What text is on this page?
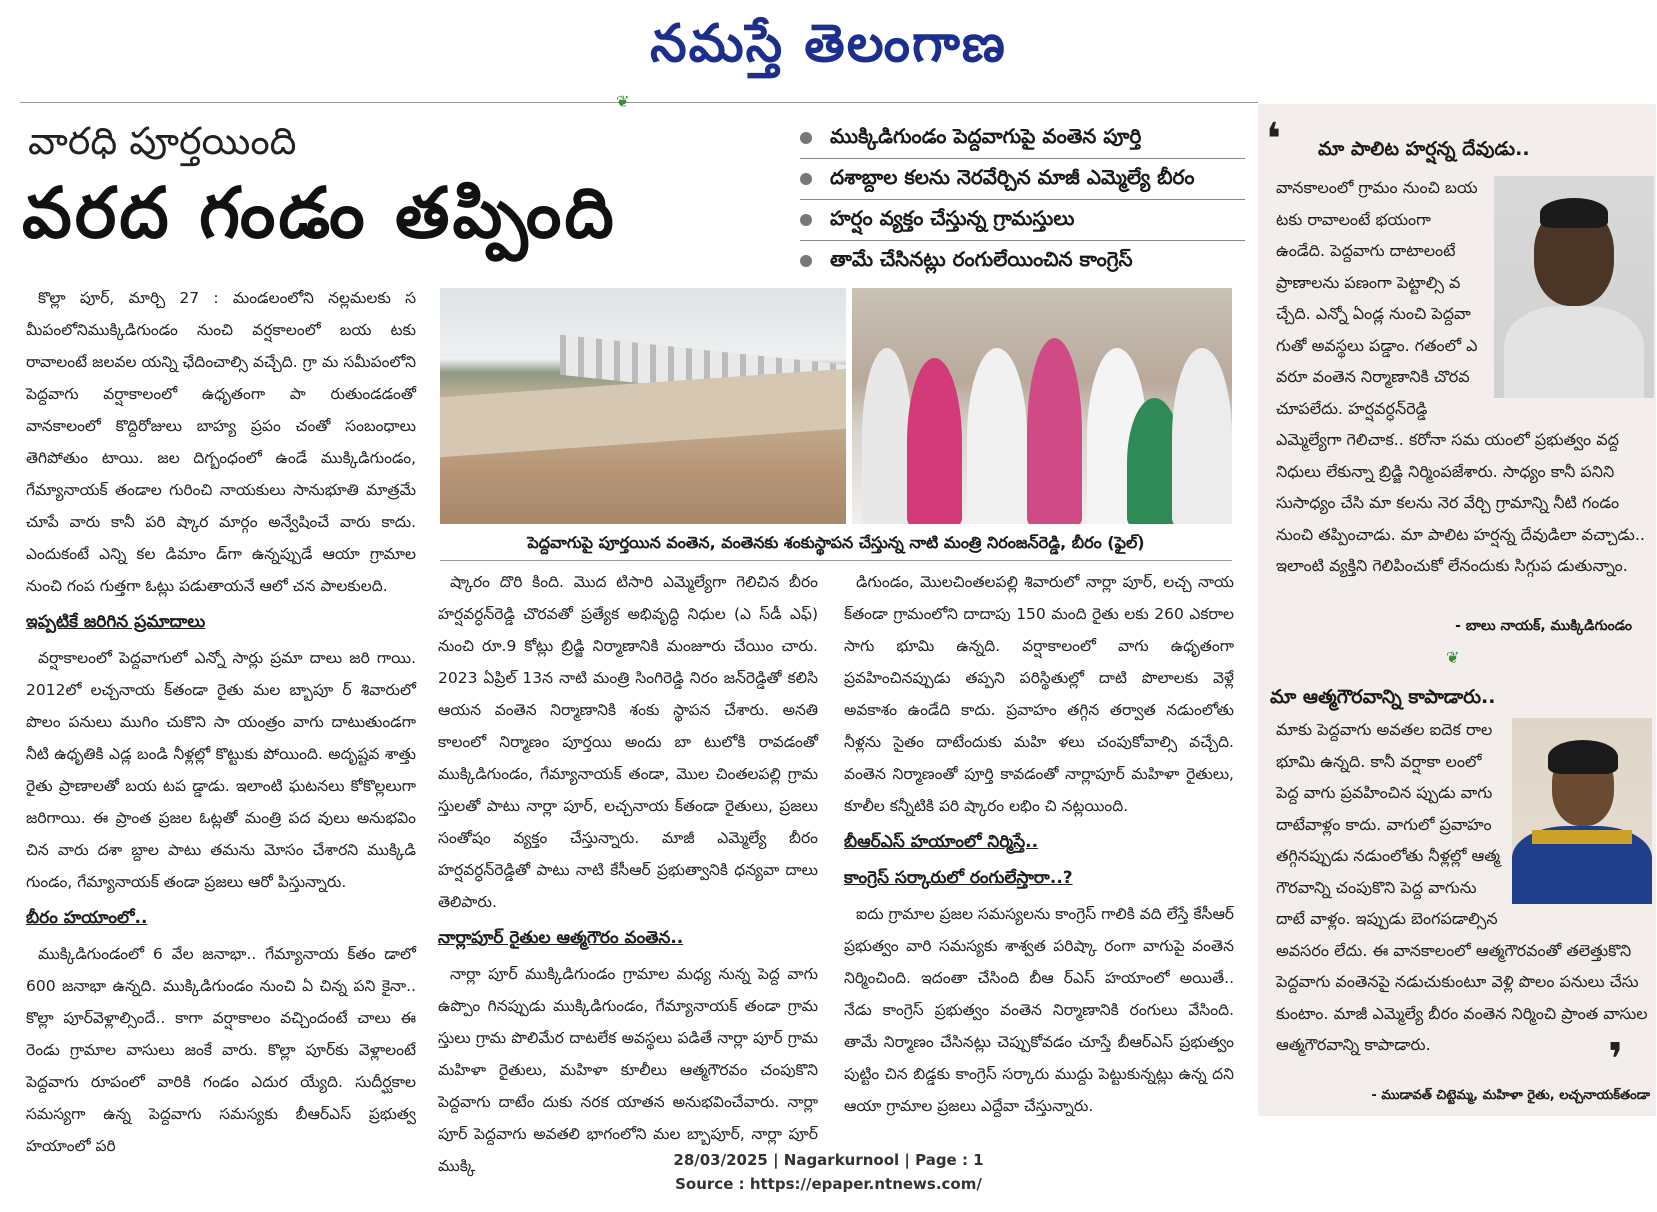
నమస్తే తెలంగాణ
❦
వారధి పూర్తయింది
వరద గండం తప్పింది
ముక్కిడిగుండం పెద్దవాగుపై వంతెన పూర్తి
దశాబ్దాల కలను నెరవేర్చిన మాజీ ఎమ్మెల్యే బీరం
హర్షం వ్యక్తం చేస్తున్న గ్రామస్తులు
తామే చేసినట్లు రంగులేయించిన కాంగ్రెస్
పెద్దవాగుపై పూర్తయిన వంతెన, వంతెనకు శంకుస్థాపన చేస్తున్న నాటి మంత్రి నిరంజన్‌రెడ్డి, బీరం (ఫైల్)

కొల్లా పూర్, మార్చి 27 : మండలంలోని నల్లమలకు స మీపంలోనిముక్కిడిగుండం నుంచి వర్షకాలంలో బయ టకు రావాలంటే జలవల యన్ని ఛేదించాల్సి వచ్చేది. గ్రా మ సమీపంలోని పెద్దవాగు వర్షాకాలంలో ఉధృతంగా పా రుతుండడంతో వానకాలంలో కొద్దిరోజులు బాహ్య ప్రపం చంతో సంబంధాలు తెగిపోతుం టాయి. జల దిగ్బంధంలో ఉండే ముక్కిడిగుండం, గేమ్యానాయక్ తండాల గురించి నాయకులు సానుభూతి మాత్రమే చూపే వారు కానీ పరి ష్కార మార్గం అన్వేషించే వారు కాదు. ఎందుకంటే ఎన్ని కల డిమాం డ్‌గా ఉన్నప్పుడే ఆయా గ్రామాల నుంచి గంప గుత్తగా ఓట్లు పడుతాయనే ఆలో చన పాలకులది.

ఇప్పటికే జరిగిన ప్రమాదాలు

వర్షాకాలంలో పెద్దవాగులో ఎన్నో సార్లు ప్రమా దాలు జరి గాయి. 2012లో లచ్చనాయ క్‌తండా రైతు మల బ్బాపూ ర్ శివారులో పొలం పనులు ముగిం చుకొని సా యంత్రం వాగు దాటుతుండగా నీటి ఉధృతికి ఎడ్ల బండి నీళ్లల్లో కొట్టుకు పోయింది. అదృష్టవ శాత్తు రైతు ప్రాణాలతో బయ టప డ్డాడు. ఇలాంటి ఘటనలు కోకొల్లలుగా జరిగాయి. ఈ ప్రాంత ప్రజల ఓట్లతో మంత్రి పద వులు అనుభవిం చిన వారు దశా బ్దాల పాటు తమను మోసం చేశారని ముక్కిడి గుండం, గేమ్యానాయక్ తండా ప్రజలు ఆరో పిస్తున్నారు.

బీరం హయాంలో..

ముక్కిడిగుండంలో 6 వేల జనాభా.. గేమ్యానాయ క్‌తం డాలో 600 జనాభా ఉన్నది. ముక్కిడిగుండం నుంచి ఏ చిన్న పని కైనా.. కొల్లా పూర్‌వెళ్లాల్సిందే.. కాగా వర్షాకాలం వచ్చిందంటే చాలు ఈ రెండు గ్రామాల వాసులు జంకే వారు. కొల్లా పూర్‌కు వెళ్లాలంటే పెద్దవాగు రూపంలో వారికి గండం ఎదుర య్యేది. సుదీర్ఘకాల సమస్యగా ఉన్న పెద్దవాగు సమస్యకు బీఆర్‌ఎస్ ప్రభుత్వ హయాంలో పరి

ష్కారం దొరి కింది. మొద టిసారి ఎమ్మెల్యేగా గెలిచిన బీరం హర్షవర్ధన్‌రెడ్డి చొరవతో ప్రత్యేక అభివృద్ధి నిధుల (ఎ స్‌డీ ఎఫ్) నుంచి రూ.9 కోట్లు బ్రిడ్జి నిర్మాణానికి మంజూరు చేయిం చారు. 2023 ఏప్రిల్ 13న నాటి మంత్రి సింగిరెడ్డి నిరం జన్‌రెడ్డితో కలిసి ఆయన వంతెన నిర్మాణానికి శంకు స్థాపన చేశారు. అనతి కాలంలో నిర్మాణం పూర్తయి అందు బా టులోకి రావడంతో ముక్కిడిగుండం, గేమ్యానాయక్ తండా, మొల చింతలపల్లి గ్రామ స్తులతో పాటు నార్లా పూర్, లచ్చనాయ క్‌తండా రైతులు, ప్రజలు సంతోషం వ్యక్తం చేస్తున్నారు. మాజీ ఎమ్మెల్యే బీరం హర్షవర్ధన్‌రెడ్డితో పాటు నాటి కేసీఆర్ ప్రభుత్వానికి ధన్యవా దాలు తెలిపారు.

నార్లాపూర్ రైతుల ఆత్మగౌరం వంతెన..

నార్లా పూర్ ముక్కిడిగుండం గ్రామాల మధ్య నున్న పెద్ద వాగు ఉప్పొం గినప్పుడు ముక్కిడిగుండం, గేమ్యానాయక్ తండా గ్రామ స్తులు గ్రామ పొలిమేర దాటలేక అవస్థలు పడితే నార్లా పూర్ గ్రామ మహిళా రైతులు, మహిళా కూలీలు ఆత్మగౌరవం చంపుకొని పెద్దవాగు దాటేం దుకు నరక యాతన అనుభవించేవారు. నార్లా పూర్ పెద్దవాగు అవతలి భాగంలోని మల బ్బాపూర్, నార్లా పూర్ ముక్కి

డిగుండం, మొలచింతలపల్లి శివారులో నార్లా పూర్, లచ్చ నాయ క్‌తండా గ్రామంలోని దాదాపు 150 మంది రైతు లకు 260 ఎకరాల సాగు భూమి ఉన్నది. వర్షాకాలంలో వాగు ఉధృతంగా ప్రవహించినప్పుడు తప్పని పరిస్థితుల్లో దాటి పొలాలకు వెళ్లే అవకాశం ఉండేది కాదు. ప్రవాహం తగ్గిన తర్వాత నడుంలోతు నీళ్లను సైతం దాటేందుకు మహి ళలు చంపుకోవాల్సి వచ్చేది. వంతెన నిర్మాణంతో పూర్తి కావడంతో నార్లాపూర్ మహిళా రైతులు, కూలీల కన్నీటికి పరి ష్కారం లభిం చి నట్లయింది.

బీఆర్‌ఎస్ హయాంలో నిర్మిస్తే..
కాంగ్రెస్ సర్కారులో రంగులేస్తారా..?

ఐదు గ్రామాల ప్రజల సమస్యలను కాంగ్రెస్ గాలికి వది లేస్తే కేసీఆర్ ప్రభుత్వం వారి సమస్యకు శాశ్వత పరిష్కా రంగా వాగుపై వంతెన నిర్మించింది. ఇదంతా చేసింది బీఆ ర్‌ఎస్ హయాంలో అయితే.. నేడు కాంగ్రెస్ ప్రభుత్వం వంతెన నిర్మాణానికి రంగులు వేసింది. తామే నిర్మాణం చేసినట్లు చెప్పుకోవడం చూస్తే బీఆర్‌ఎస్ ప్రభుత్వం పుట్టిం చిన బిడ్డకు కాంగ్రెస్ సర్కారు ముద్దు పెట్టుకున్నట్లు ఉన్న దని ఆయా గ్రామాల ప్రజలు ఎద్దేవా చేస్తున్నారు.

❛ మా పాలిట హర్షన్న దేవుడు..
వానకాలంలో గ్రామం నుంచి బయ టకు రావాలంటే భయంగా ఉండేది. పెద్దవాగు దాటాలంటే ప్రాణాలను పణంగా పెట్టాల్సి వ చ్చేది. ఎన్నో ఏండ్ల నుంచి పెద్దవా గుతో అవస్థలు పడ్డాం. గతంలో ఎ వరూ వంతెన నిర్మాణానికి చొరవ చూపలేదు. హర్షవర్ధన్‌రెడ్డి ఎమ్మెల్యేగా గెలిచాక.. కరోనా సమ యంలో ప్రభుత్వం వద్ద నిధులు లేకున్నా బ్రిడ్జి నిర్మింపజేశారు. సాధ్యం కానీ పనిని సుసాధ్యం చేసి మా కలను నెర వేర్చి గ్రామాన్ని నీటి గండం నుంచి తప్పించాడు. మా పాలిట హర్షన్న దేవుడిలా వచ్చాడు.. ఇలాంటి వ్యక్తిని గెలిపించుకో లేనందుకు సిగ్గుప డుతున్నాం.
- బాలు నాయక్, ముక్కిడిగుండం
❦
మా ఆత్మగౌరవాన్ని కాపాడారు..
మాకు పెద్దవాగు అవతల ఐదెక రాల భూమి ఉన్నది. కానీ వర్షాకా లంలో పెద్ద వాగు ప్రవహించిన ప్పుడు వాగు దాటేవాళ్లం కాదు. వాగులో ప్రవాహం తగ్గినప్పుడు నడుంలోతు నీళ్లల్లో ఆత్మ గౌరవాన్ని చంపుకొని పెద్ద వాగును దాటే వాళ్లం. ఇప్పుడు బెంగపడాల్సిన అవసరం లేదు. ఈ వానకాలంలో ఆత్మగౌరవంతో తలెత్తుకొని పెద్దవాగు వంతెనపై నడుచుకుంటూ వెళ్లి పొలం పనులు చేసు కుంటాం. మాజీ ఎమ్మెల్యే బీరం వంతెన నిర్మించి ప్రాంత వాసుల ఆత్మగౌరవాన్ని కాపాడారు.	❜
- ముడావత్ చిట్టెమ్మ, మహిళా రైతు, లచ్చనాయక్‌తండా
28/03/2025 | Nagarkurnool | Page : 1
Source : https://epaper.ntnews.com/
